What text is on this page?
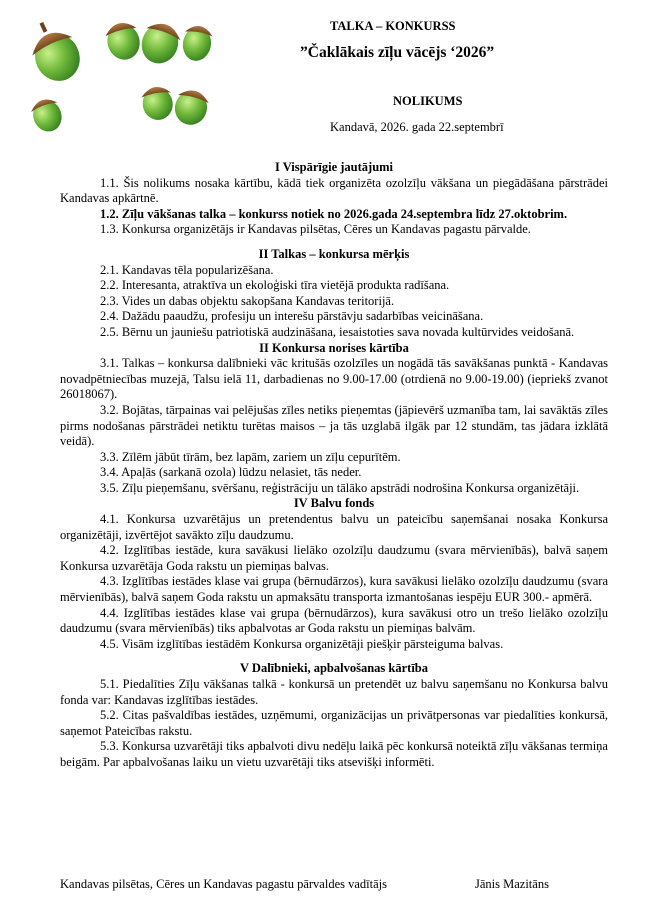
TALKA – KONKURSS
”Čaklākais zīļu vācējs ‘2026”
NOLIKUMS
Kandavā, 2026. gada 22.septembrī

I Vispārīgie jautājumi

1.1. Šis nolikums nosaka kārtību, kādā tiek organizēta ozolzīļu vākšana un piegādāšana pārstrādei Kandavas apkārtnē.

1.2. Zīļu vākšanas talka – konkurss notiek no 2026.gada 24.septembra līdz 27.oktobrim.

1.3. Konkursa organizētājs ir Kandavas pilsētas, Cēres un Kandavas pagastu pārvalde.

II Talkas – konkursa mērķis

2.1. Kandavas tēla popularizēšana.

2.2. Interesanta, atraktīva un ekoloģiski tīra vietējā produkta radīšana.

2.3. Vides un dabas objektu sakopšana Kandavas teritorijā.

2.4. Dažādu paaudžu, profesiju un interešu pārstāvju sadarbības veicināšana.

2.5. Bērnu un jauniešu patriotiskā audzināšana, iesaistoties sava novada kultūrvides veidošanā.

II Konkursa norises kārtība

3.1. Talkas – konkursa dalībnieki vāc kritušās ozolzīles un nogādā tās savākšanas punktā - Kandavas novadpētniecības muzejā, Talsu ielā 11, darbadienas no 9.00-17.00 (otrdienā no 9.00-19.00) (iepriekš zvanot 26018067).

3.2. Bojātas, tārpainas vai pelējušas zīles netiks pieņemtas (jāpievērš uzmanība tam, lai savāktās zīles pirms nodošanas pārstrādei netiktu turētas maisos – ja tās uzglabā ilgāk par 12 stundām, tas jādara izklātā veidā).

3.3. Zīlēm jābūt tīrām, bez lapām, zariem un zīļu cepurītēm.

3.4. Apaļās (sarkanā ozola) lūdzu nelasiet, tās neder.

3.5. Zīļu pieņemšanu, svēršanu, reģistrāciju un tālāko apstrādi nodrošina Konkursa organizētāji.

IV Balvu fonds

4.1. Konkursa uzvarētājus un pretendentus balvu un pateicību saņemšanai nosaka Konkursa organizētāji, izvērtējot savākto zīļu daudzumu.

4.2. Izglītības iestāde, kura savākusi lielāko ozolzīļu daudzumu (svara mērvienībās), balvā saņem Konkursa uzvarētāja Goda rakstu un piemiņas balvas.

4.3. Izglītības iestādes klase vai grupa (bērnudārzos), kura savākusi lielāko ozolzīļu daudzumu (svara mērvienībās), balvā saņem Goda rakstu un apmaksātu transporta izmantošanas iespēju EUR 300.- apmērā.

4.4. Izglītības iestādes klase vai grupa (bērnudārzos), kura savākusi otro un trešo lielāko ozolzīļu daudzumu (svara mērvienībās) tiks apbalvotas ar Goda rakstu un piemiņas balvām.

4.5. Visām izglītības iestādēm Konkursa organizētāji piešķir pārsteiguma balvas.

V Dalībnieki, apbalvošanas kārtība

5.1. Piedalīties Zīļu vākšanas talkā - konkursā un pretendēt uz balvu saņemšanu no Konkursa balvu fonda var: Kandavas izglītības iestādes.

5.2. Citas pašvaldības iestādes, uzņēmumi, organizācijas un privātpersonas var piedalīties konkursā, saņemot Pateicības rakstu.

5.3. Konkursa uzvarētāji tiks apbalvoti divu nedēļu laikā pēc konkursā noteiktā zīļu vākšanas termiņa beigām. Par apbalvošanas laiku un vietu uzvarētāji tiks atsevišķi informēti.

Kandavas pilsētas, Cēres un Kandavas pagastu pārvaldes vadītājs	Jānis Mazitāns
